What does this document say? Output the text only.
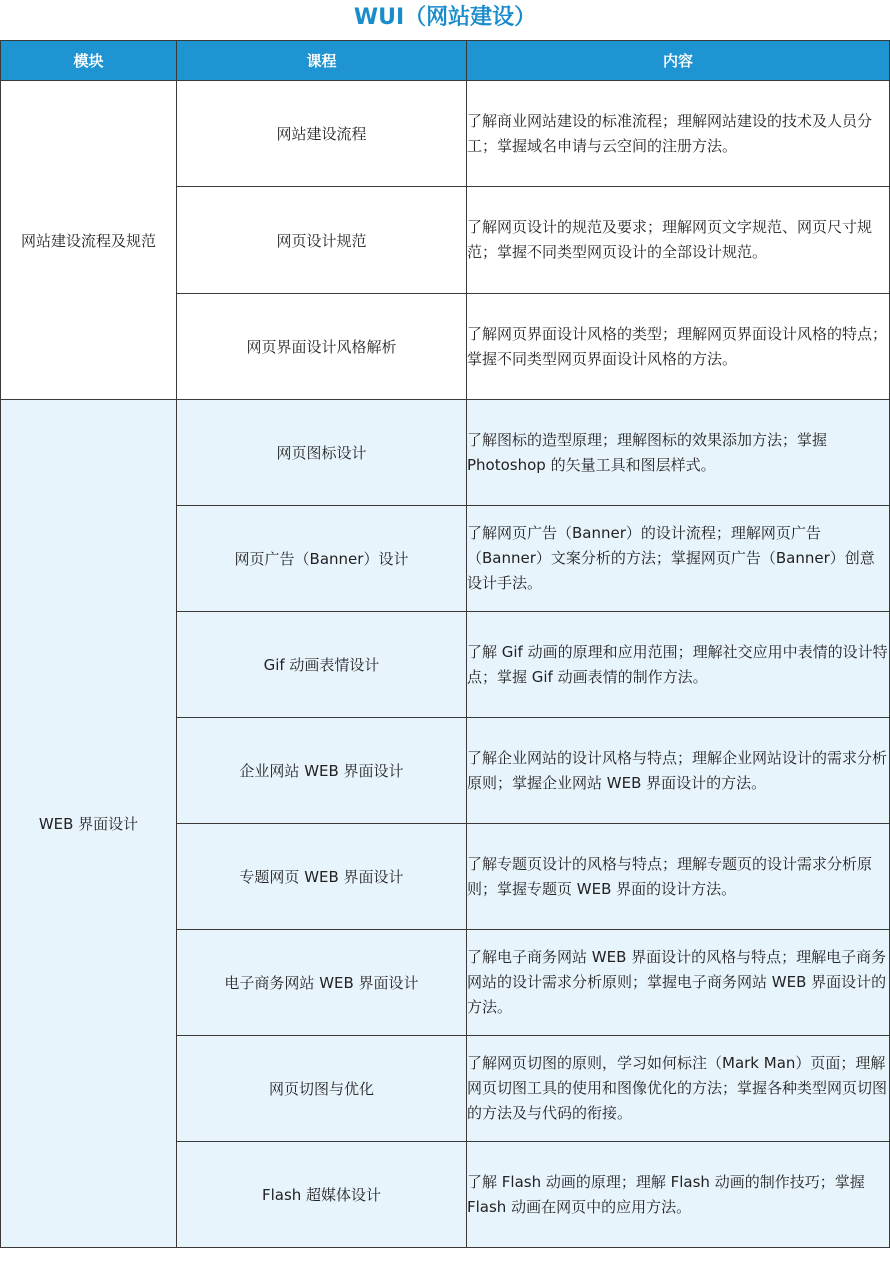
WUI（网站建设）
模块	课程	内容
网站建设流程及规范	网站建设流程	了解商业网站建设的标准流程；理解网站建设的技术及人员分工；掌握域名申请与云空间的注册方法。
	网页设计规范	了解网页设计的规范及要求；理解网页文字规范、网页尺寸规范；掌握不同类型网页设计的全部设计规范。
	网页界面设计风格解析	了解网页界面设计风格的类型；理解网页界面设计风格的特点；掌握不同类型网页界面设计风格的方法。
WEB 界面设计	网页图标设计	了解图标的造型原理；理解图标的效果添加方法；掌握 Photoshop 的矢量工具和图层样式。
	网页广告（Banner）设计	了解网页广告（Banner）的设计流程；理解网页广告（Banner）文案分析的方法；掌握网页广告（Banner）创意设计手法。
	Gif 动画表情设计	了解 Gif 动画的原理和应用范围；理解社交应用中表情的设计特点；掌握 Gif 动画表情的制作方法。
	企业网站 WEB 界面设计	了解企业网站的设计风格与特点；理解企业网站设计的需求分析原则；掌握企业网站 WEB 界面设计的方法。
	专题网页 WEB 界面设计	了解专题页设计的风格与特点；理解专题页的设计需求分析原则；掌握专题页 WEB 界面的设计方法。
	电子商务网站 WEB 界面设计	了解电子商务网站 WEB 界面设计的风格与特点；理解电子商务网站的设计需求分析原则；掌握电子商务网站 WEB 界面设计的方法。
	网页切图与优化	了解网页切图的原则，学习如何标注（Mark Man）页面；理解网页切图工具的使用和图像优化的方法；掌握各种类型网页切图的方法及与代码的衔接。
	Flash 超媒体设计	了解 Flash 动画的原理；理解 Flash 动画的制作技巧；掌握 Flash 动画在网页中的应用方法。
